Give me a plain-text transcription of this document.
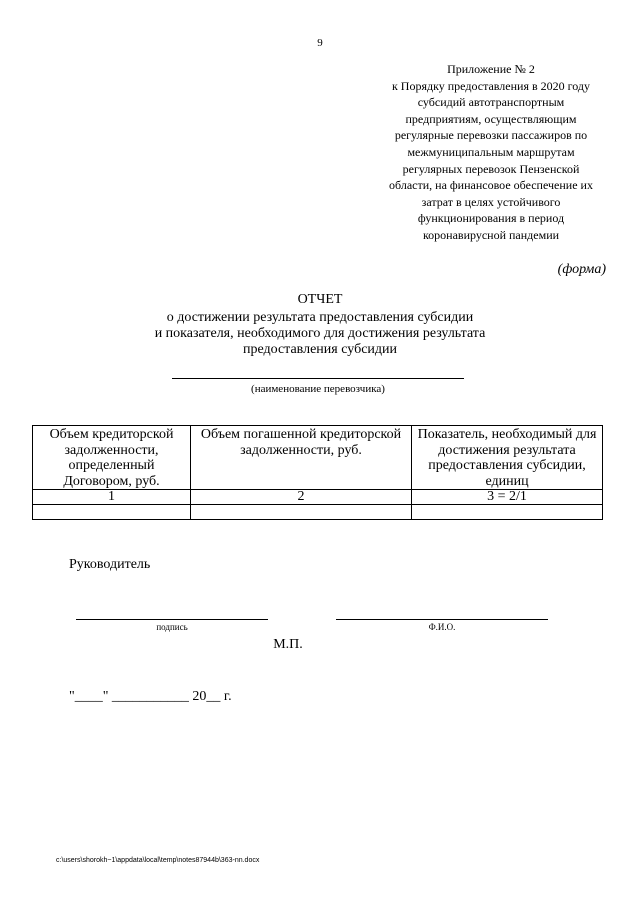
9
Приложение № 2
к Порядку предоставления в 2020 году
субсидий автотранспортным
предприятиям, осуществляющим
регулярные перевозки пассажиров по
межмуниципальным маршрутам
регулярных перевозок Пензенской
области, на финансовое обеспечение их
затрат в целях устойчивого
функционирования в период
коронавирусной пандемии
(форма)
ОТЧЕТ
о достижении результата предоставления субсидии
и показателя, необходимого для достижения результата
предоставления субсидии
(наименование перевозчика)
Объем кредиторской задолженности, определенный Договором, руб.	Объем погашенной кредиторской задолженности, руб.	Показатель, необходимый для достижения результата предоставления субсидии, единиц
1	2	3 = 2/1

Руководитель
подпись	Ф.И.О.
М.П.
"____" ___________ 20__ г.
c:\users\shorokh~1\appdata\local\temp\notes87944b\363-nn.docx
